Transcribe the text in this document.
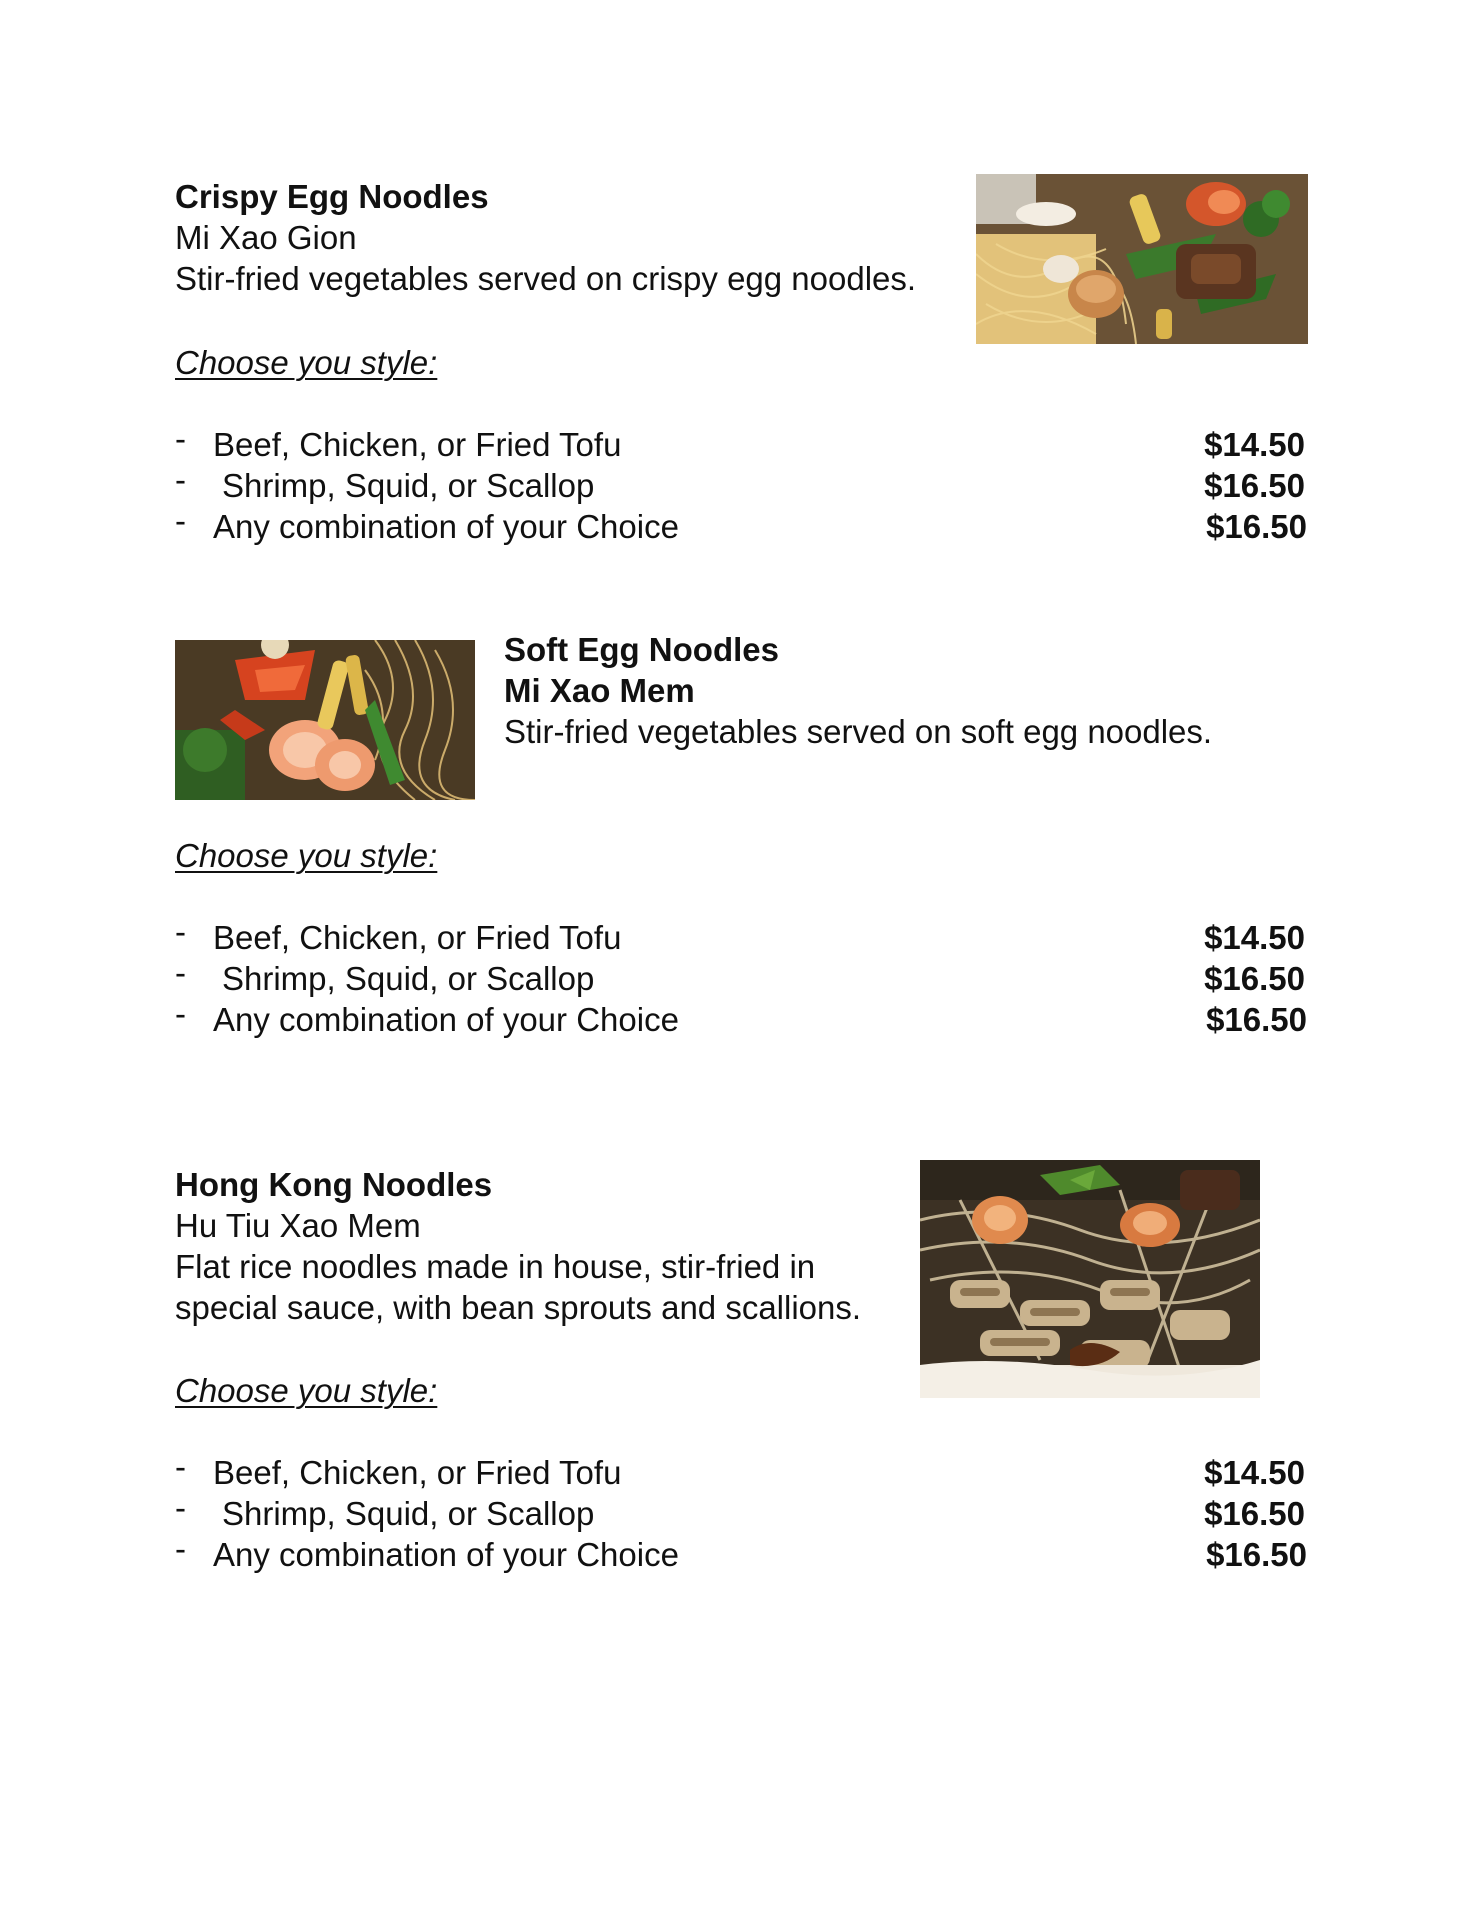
Crispy Egg Noodles
Mi Xao Gion
Stir-fried vegetables served on crispy egg noodles.
Choose you style:
- Beef, Chicken, or Fried Tofu	$14.50
- Shrimp, Squid, or Scallop	$16.50
- Any combination of your Choice	$16.50
Soft Egg Noodles
Mi Xao Mem
Stir-fried vegetables served on soft egg noodles.
Choose you style:
- Beef, Chicken, or Fried Tofu	$14.50
- Shrimp, Squid, or Scallop	$16.50
- Any combination of your Choice	$16.50
Hong Kong Noodles
Hu Tiu Xao Mem
Flat rice noodles made in house, stir-fried in
special sauce, with bean sprouts and scallions.
Choose you style:
- Beef, Chicken, or Fried Tofu	$14.50
- Shrimp, Squid, or Scallop	$16.50
- Any combination of your Choice	$16.50
